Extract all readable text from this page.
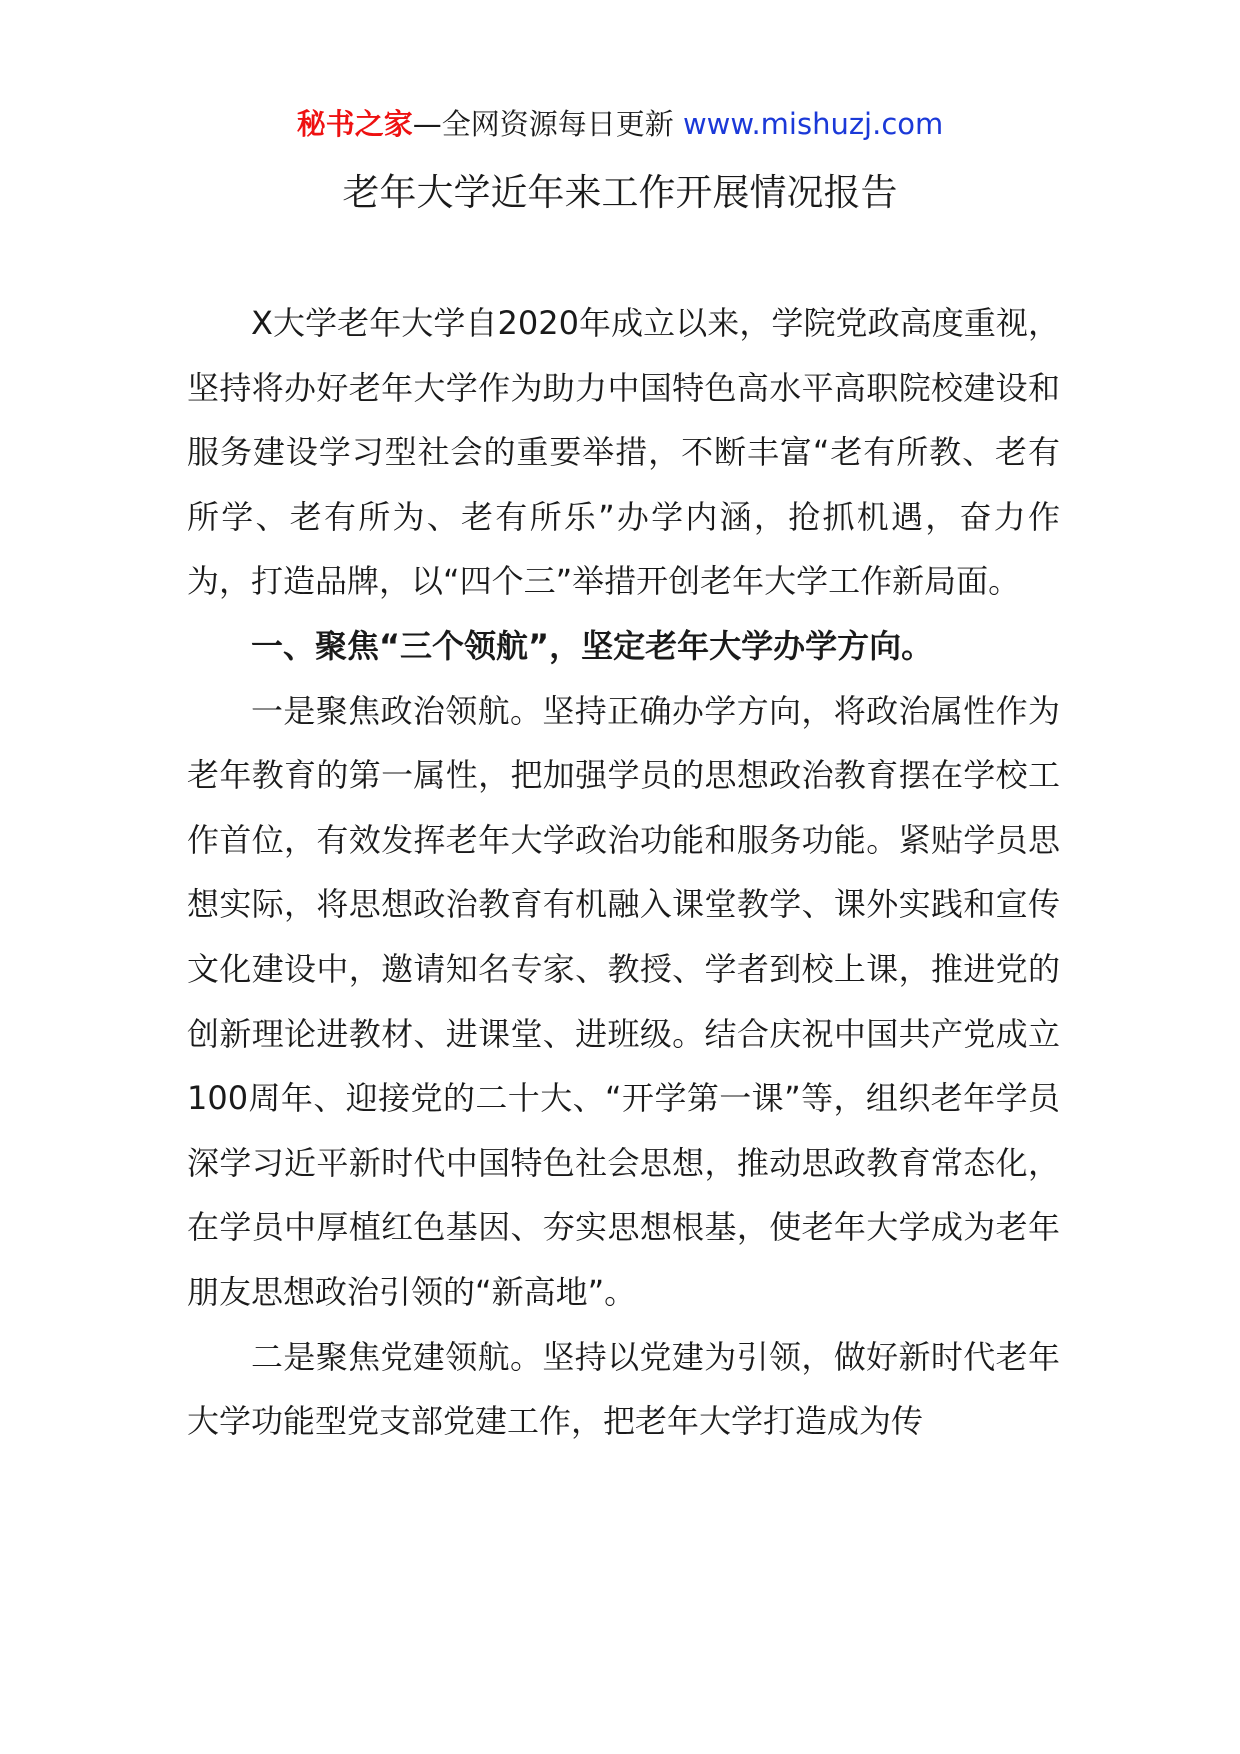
秘书之家—全网资源每日更新 www.mishuzj.com
老年大学近年来工作开展情况报告

X大学老年大学自2020年成立以来，学院党政高度重视，坚持将办好老年大学作为助力中国特色高水平高职院校建设和服务建设学习型社会的重要举措，不断丰富“老有所教、老有所学、老有所为、老有所乐”办学内涵，抢抓机遇，奋力作为，打造品牌，以“四个三”举措开创老年大学工作新局面。

一、聚焦“三个领航”，坚定老年大学办学方向。

一是聚焦政治领航。坚持正确办学方向，将政治属性作为老年教育的第一属性，把加强学员的思想政治教育摆在学校工作首位，有效发挥老年大学政治功能和服务功能。紧贴学员思想实际，将思想政治教育有机融入课堂教学、课外实践和宣传文化建设中，邀请知名专家、教授、学者到校上课，推进党的创新理论进教材、进课堂、进班级。结合庆祝中国共产党成立100周年、迎接党的二十大、“开学第一课”等，组织老年学员深学习近平新时代中国特色社会思想，推动思政教育常态化，在学员中厚植红色基因、夯实思想根基，使老年大学成为老年朋友思想政治引领的“新高地”。

二是聚焦党建领航。坚持以党建为引领，做好新时代老年大学功能型党支部党建工作，把老年大学打造成为传
